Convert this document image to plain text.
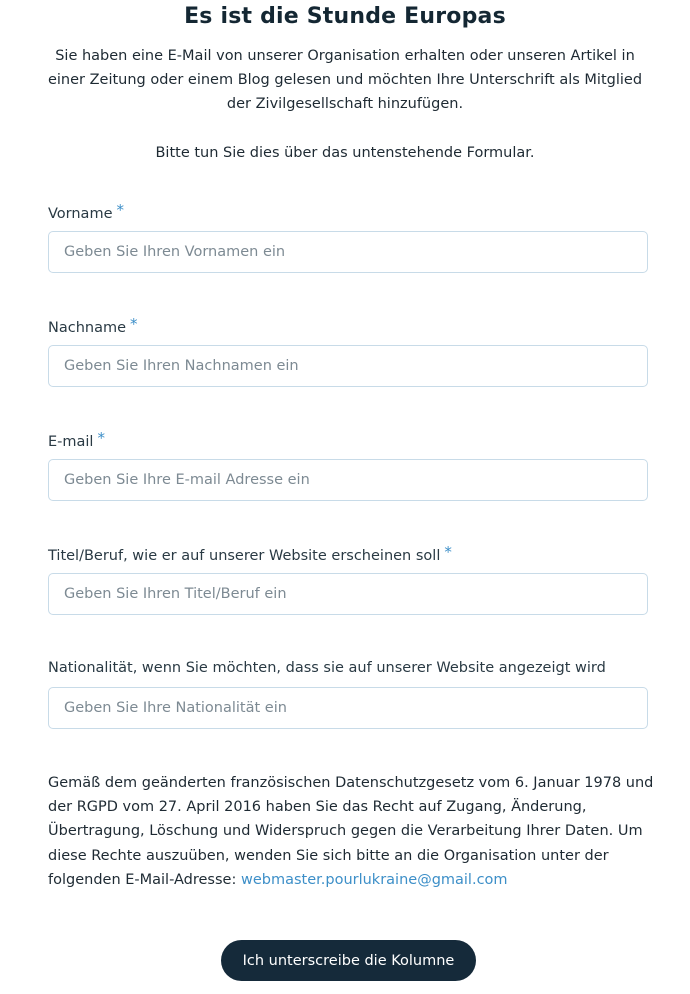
Es ist die Stunde Europas
Sie haben eine E-Mail von unserer Organisation erhalten oder unseren Artikel in einer Zeitung oder einem Blog gelesen und möchten Ihre Unterschrift als Mitglied der Zivilgesellschaft hinzufügen.
Bitte tun Sie dies über das untenstehende Formular.
Vorname *
Geben Sie Ihren Vornamen ein
Nachname *
Geben Sie Ihren Nachnamen ein
E-mail *
Geben Sie Ihre E-mail Adresse ein
Titel/Beruf, wie er auf unserer Website erscheinen soll *
Geben Sie Ihren Titel/Beruf ein
Nationalität, wenn Sie möchten, dass sie auf unserer Website angezeigt wird
Geben Sie Ihre Nationalität ein
Gemäß dem geänderten französischen Datenschutzgesetz vom 6. Januar 1978 und der RGPD vom 27. April 2016 haben Sie das Recht auf Zugang, Änderung, Übertragung, Löschung und Widerspruch gegen die Verarbeitung Ihrer Daten. Um diese Rechte auszuüben, wenden Sie sich bitte an die Organisation unter der folgenden E-Mail-Adresse: webmaster.pourlukraine@gmail.com
Ich unterscreibe die Kolumne
